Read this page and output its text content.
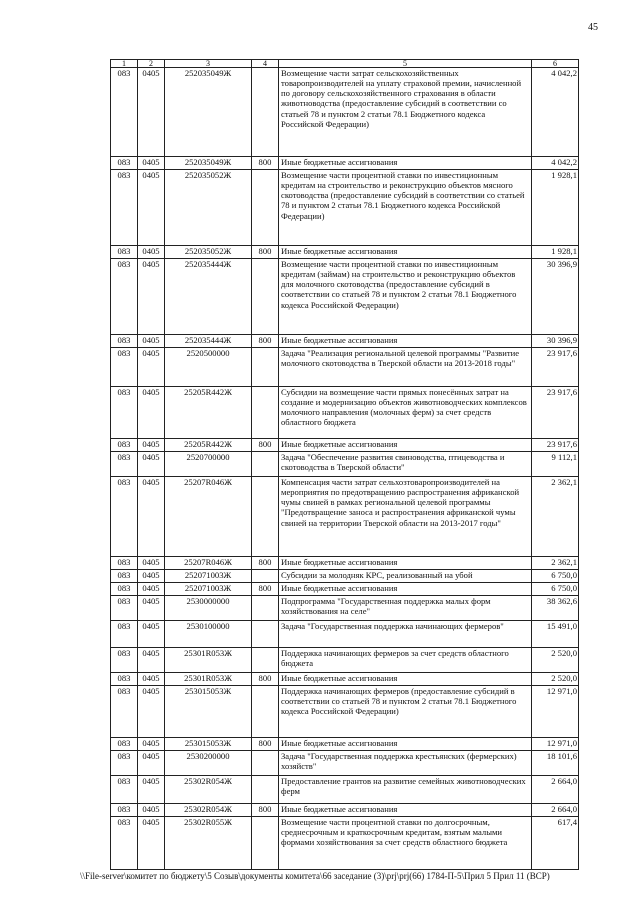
45
1	2	3	4	5	6
083	0405	252035049Ж		Возмещение части затрат сельскохозяйственных товаропроизводителей на уплату страховой премии, начисленной по договору сельскохозяйственного страхования в области животноводства (предоставление субсидий в соответствии со статьей 78 и пунктом 2 статьи 78.1 Бюджетного кодекса Российской Федерации)	4 042,2
083	0405	252035049Ж	800	Иные бюджетные ассигнования	4 042,2
083	0405	252035052Ж		Возмещение части процентной ставки по инвестиционным кредитам на строительство и реконструкцию объектов мясного скотоводства (предоставление субсидий в соответствии со статьей 78 и пунктом 2 статьи 78.1 Бюджетного кодекса Российской Федерации)	1 928,1
083	0405	252035052Ж	800	Иные бюджетные ассигнования	1 928,1
083	0405	252035444Ж		Возмещение части процентной ставки по инвестиционным кредитам (займам) на строительство и реконструкцию объектов для молочного скотоводства (предоставление субсидий в соответствии со статьей 78 и пунктом 2 статьи 78.1 Бюджетного кодекса Российской Федерации)	30 396,9
083	0405	252035444Ж	800	Иные бюджетные ассигнования	30 396,9
083	0405	2520500000		Задача "Реализация региональной целевой программы "Развитие молочного скотоводства в Тверской области на 2013-2018 годы"	23 917,6
083	0405	25205R442Ж		Субсидии на возмещение части прямых понесённых затрат на создание и модернизацию объектов животноводческих комплексов молочного направления (молочных ферм) за счет средств областного бюджета	23 917,6
083	0405	25205R442Ж	800	Иные бюджетные ассигнования	23 917,6
083	0405	2520700000		Задача "Обеспечение развития свиноводства, птицеводства и скотоводства в Тверской области"	9 112,1
083	0405	25207R046Ж		Компенсация части затрат сельхозтоваропроизводителей на мероприятия по предотвращению распространения африканской чумы свиней в рамках региональной целевой программы "Предотвращение заноса и распространения африканской чумы свиней на территории Тверской области на 2013-2017 годы"	2 362,1
083	0405	25207R046Ж	800	Иные бюджетные ассигнования	2 362,1
083	0405	252071003Ж		Субсидии за молодняк КРС, реализованный на убой	6 750,0
083	0405	252071003Ж	800	Иные бюджетные ассигнования	6 750,0
083	0405	2530000000		Подпрограмма "Государственная поддержка малых форм хозяйствования на селе"	38 362,6
083	0405	2530100000		Задача "Государственная поддержка начинающих фермеров"	15 491,0
083	0405	25301R053Ж		Поддержка начинающих фермеров за счет средств областного бюджета	2 520,0
083	0405	25301R053Ж	800	Иные бюджетные ассигнования	2 520,0
083	0405	253015053Ж		Поддержка начинающих фермеров (предоставление субсидий в соответствии со статьей 78 и пунктом 2 статьи 78.1 Бюджетного кодекса Российской Федерации)	12 971,0
083	0405	253015053Ж	800	Иные бюджетные ассигнования	12 971,0
083	0405	2530200000		Задача "Государственная поддержка крестьянских (фермерских) хозяйств"	18 101,6
083	0405	25302R054Ж		Предоставление грантов на развитие семейных животноводческих ферм	2 664,0
083	0405	25302R054Ж	800	Иные бюджетные ассигнования	2 664,0
083	0405	25302R055Ж		Возмещение части процентной ставки по долгосрочным, среднесрочным и краткосрочным кредитам, взятым малыми формами хозяйствования за счет средств областного бюджета	617,4
\\File-server\комитет по бюджету\5 Созыв\документы комитета\66 заседание (3)\prj\prj(66) 1784-П-5\Прил 5 Прил 11 (ВСР)
